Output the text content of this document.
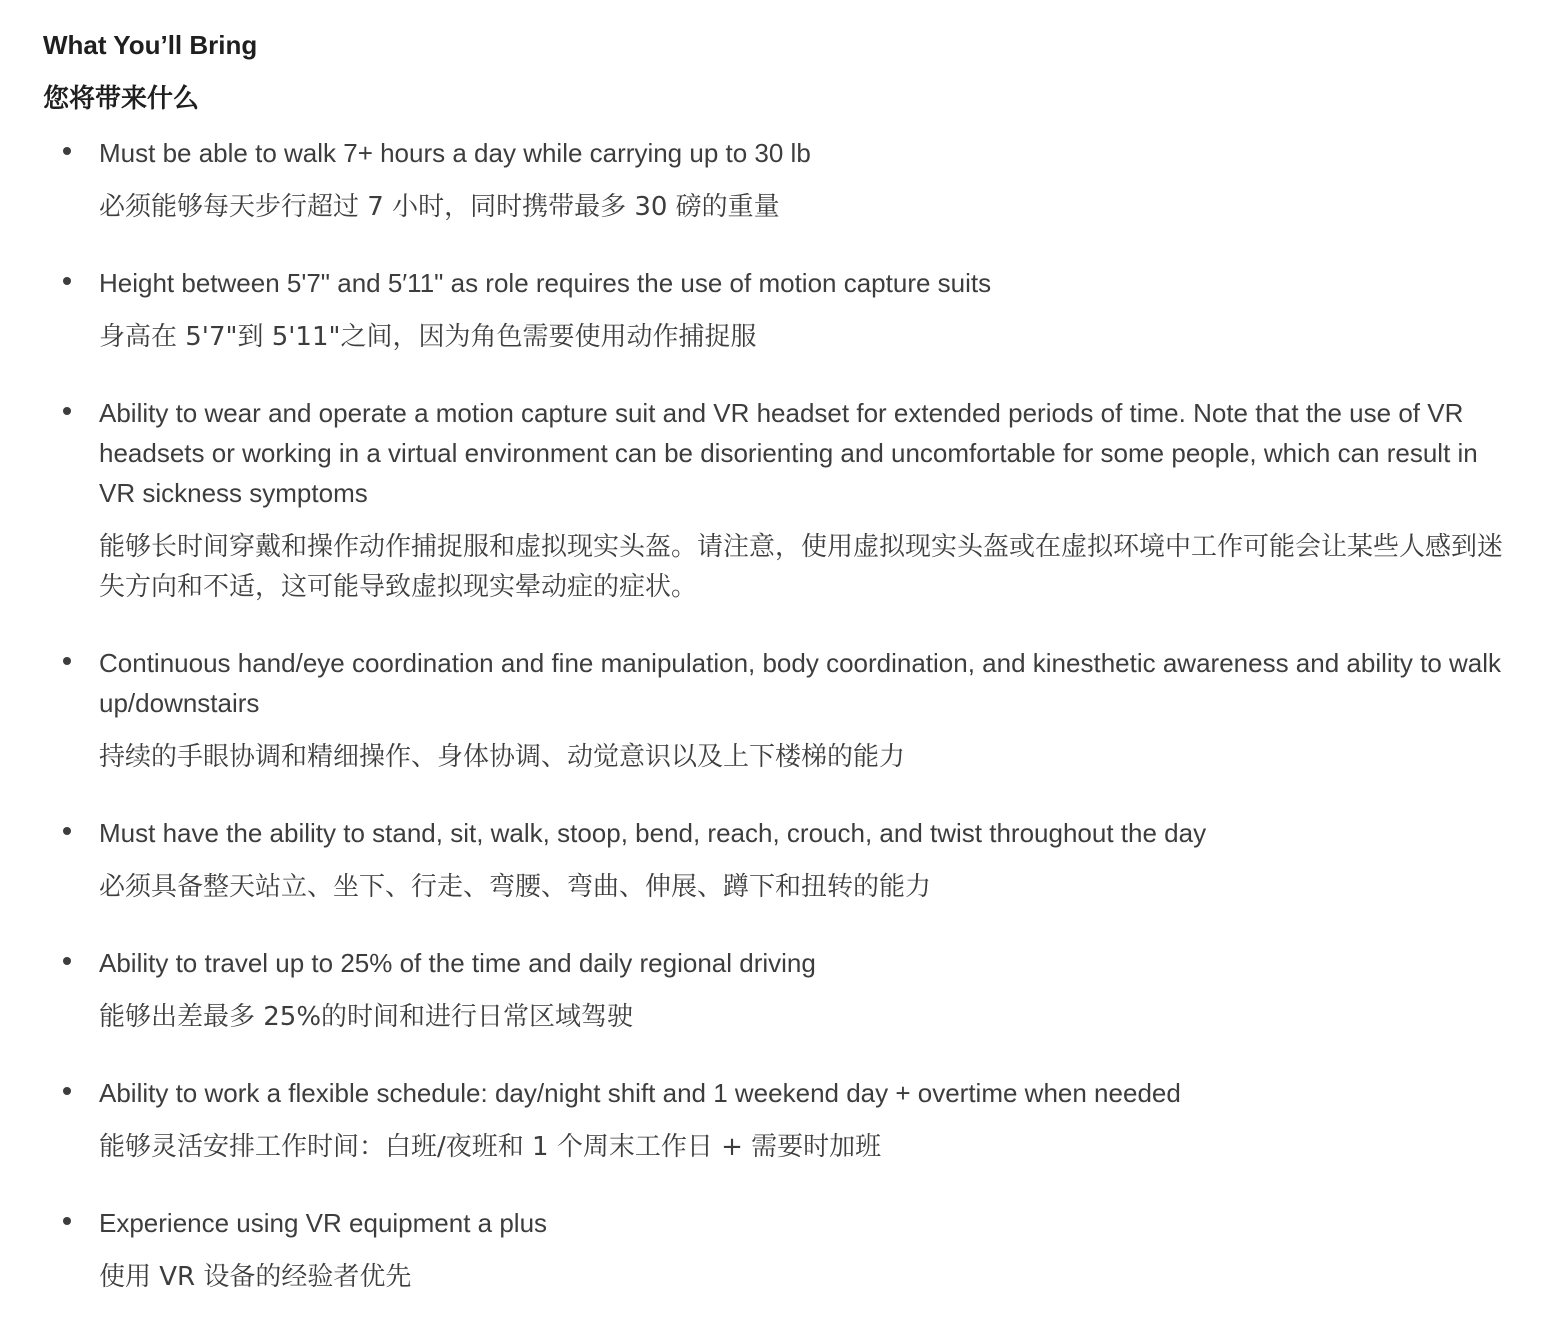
What You’ll Bring
您将带来什么

Must be able to walk 7+ hours a day while carrying up to 30 lb

必须能够每天步行超过 7 小时，同时携带最多 30 磅的重量

Height between 5'7" and 5′11" as role requires the use of motion capture suits

身高在 5'7"到 5'11"之间，因为角色需要使用动作捕捉服

Ability to wear and operate a motion capture suit and VR headset for extended periods of time. Note that the use of VR headsets or working in a virtual environment can be disorienting and uncomfortable for some people, which can result in VR sickness symptoms

能够长时间穿戴和操作动作捕捉服和虚拟现实头盔。请注意，使用虚拟现实头盔或在虚拟环境中工作可能会让某些人感到迷失方向和不适，这可能导致虚拟现实晕动症的症状。

Continuous hand/eye coordination and fine manipulation, body coordination, and kinesthetic awareness and ability to walk up/downstairs

持续的手眼协调和精细操作、身体协调、动觉意识以及上下楼梯的能力

Must have the ability to stand, sit, walk, stoop, bend, reach, crouch, and twist throughout the day

必须具备整天站立、坐下、行走、弯腰、弯曲、伸展、蹲下和扭转的能力

Ability to travel up to 25% of the time and daily regional driving

能够出差最多 25%的时间和进行日常区域驾驶

Ability to work a flexible schedule: day/night shift and 1 weekend day + overtime when needed

能够灵活安排工作时间：白班/夜班和 1 个周末工作日 + 需要时加班

Experience using VR equipment a plus

使用 VR 设备的经验者优先
